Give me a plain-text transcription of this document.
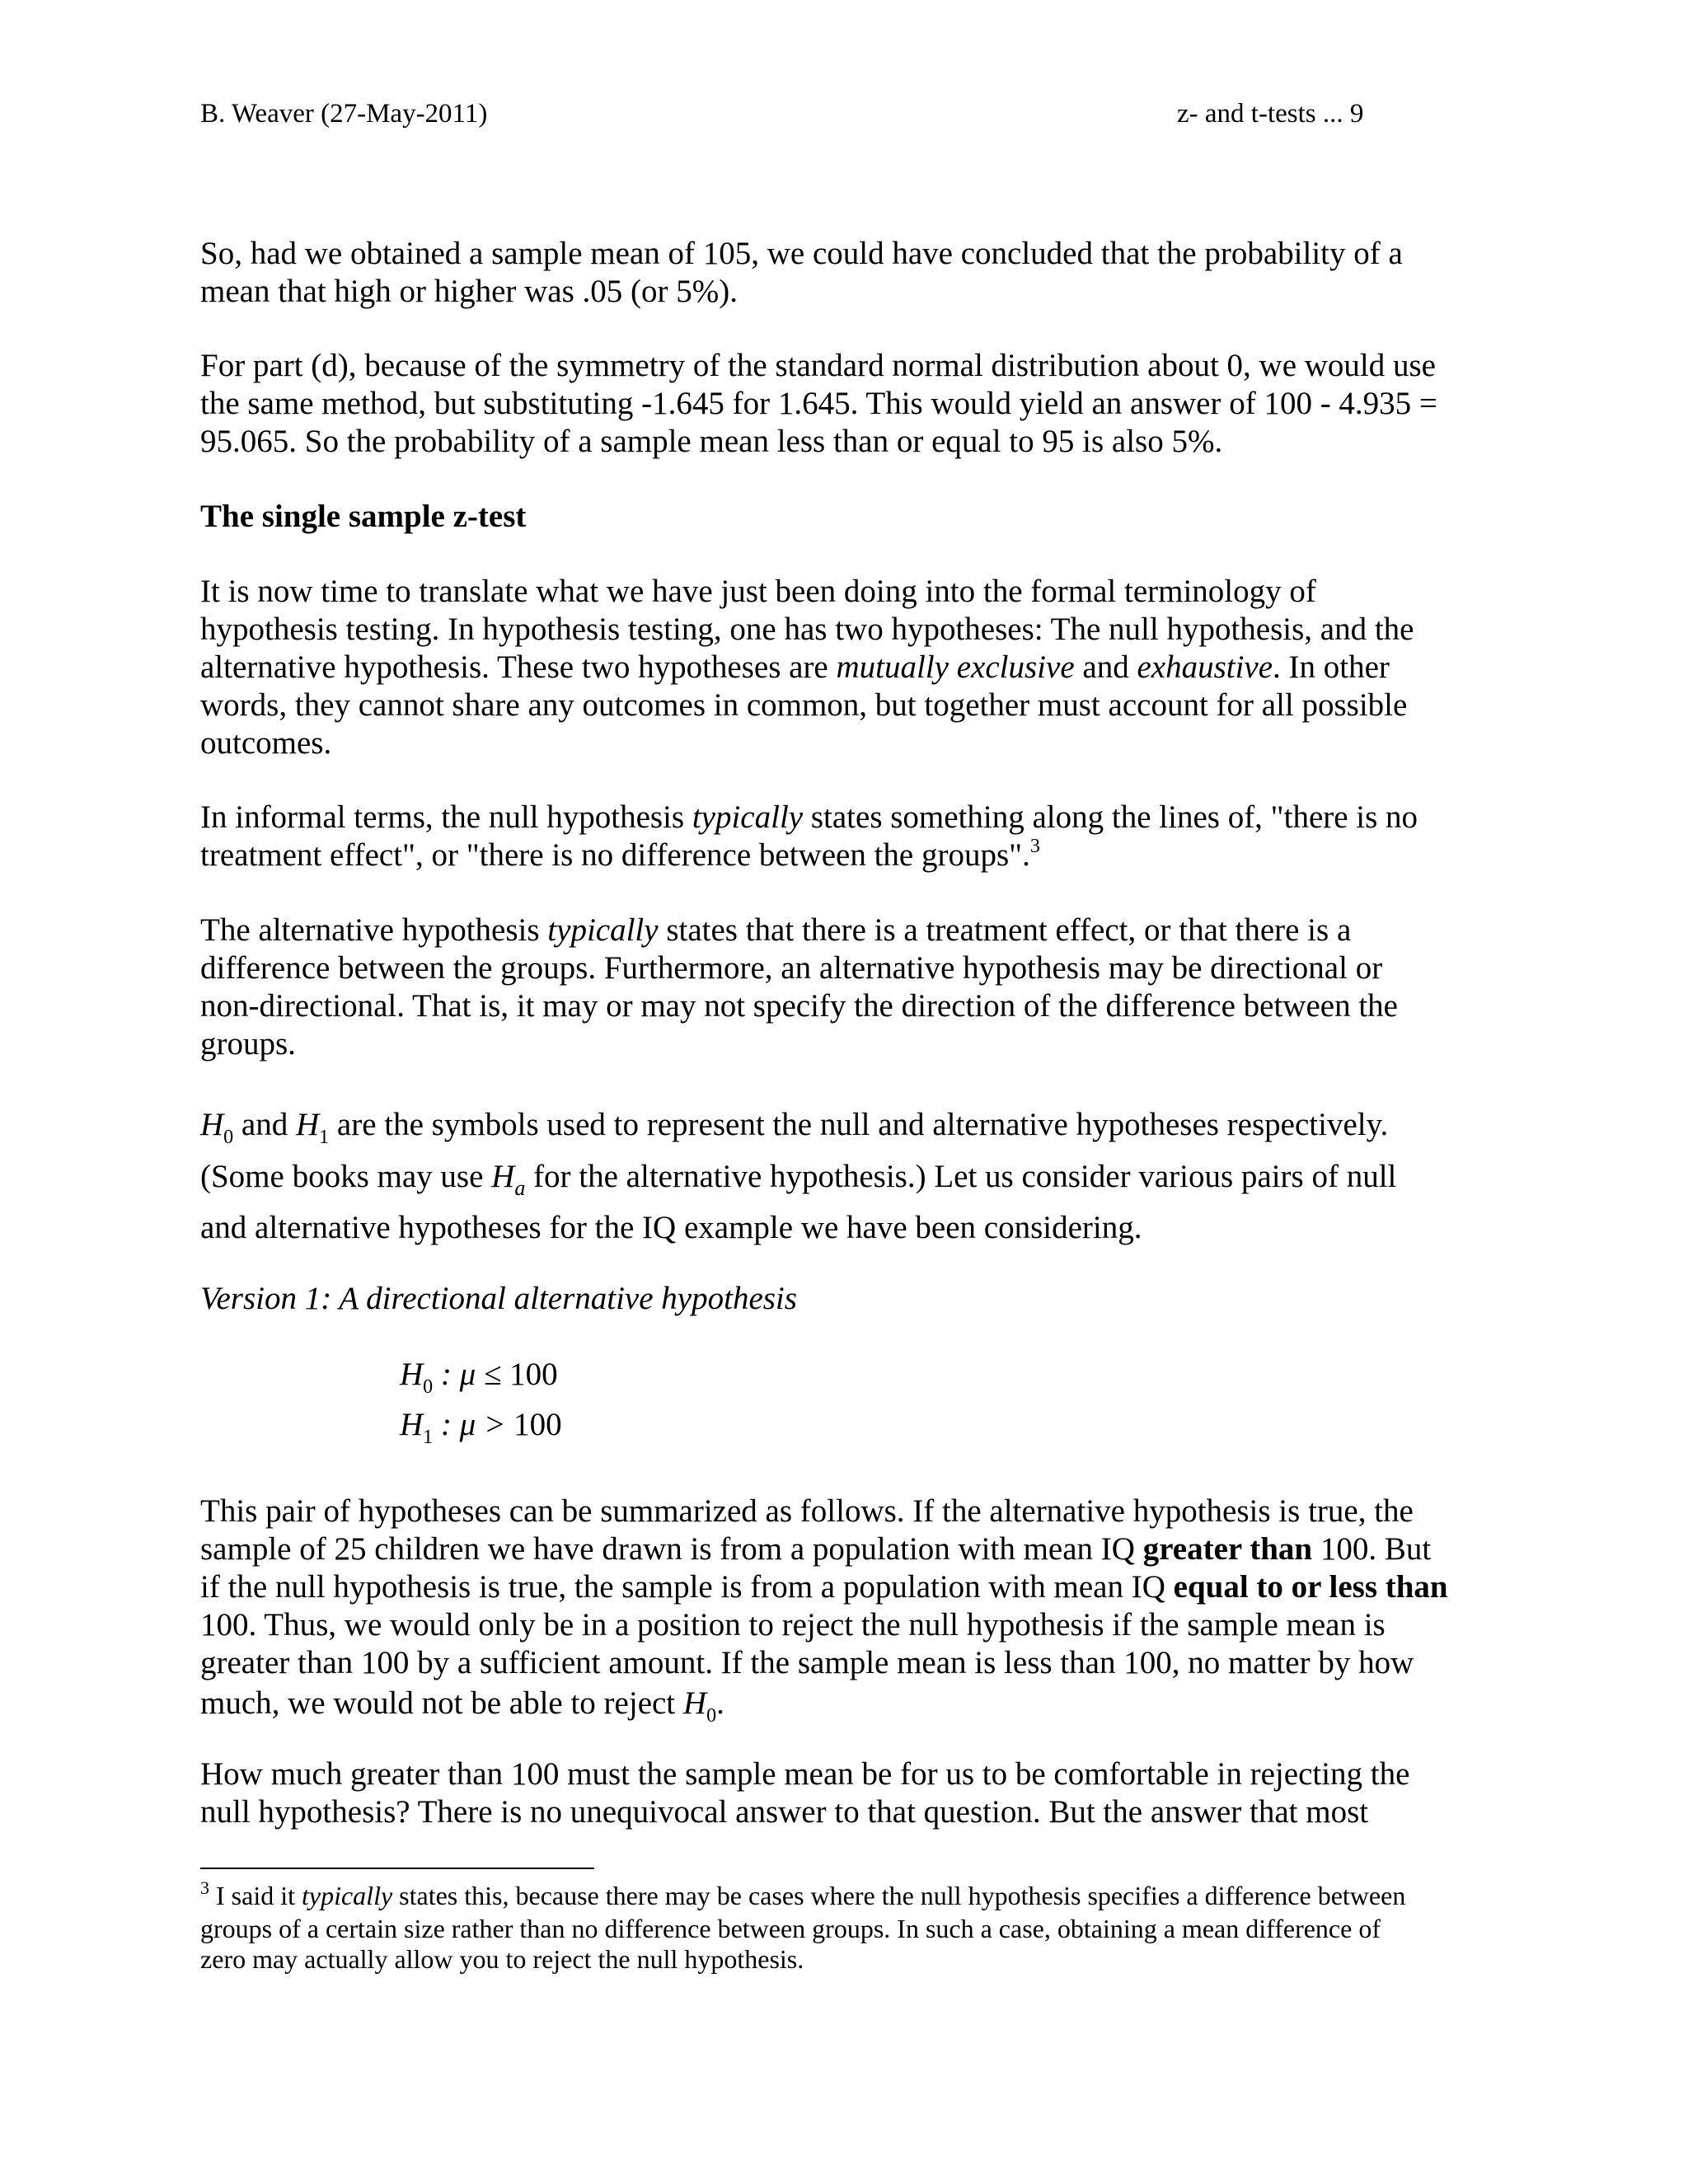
B. Weaver (27-May-2011)	z- and t-tests ... 9
So, had we obtained a sample mean of 105, we could have concluded that the probability of a
mean that high or higher was .05 (or 5%).
For part (d), because of the symmetry of the standard normal distribution about 0, we would use
the same method, but substituting -1.645 for 1.645. This would yield an answer of 100 - 4.935 =
95.065. So the probability of a sample mean less than or equal to 95 is also 5%.
The single sample z-test
It is now time to translate what we have just been doing into the formal terminology of
hypothesis testing. In hypothesis testing, one has two hypotheses: The null hypothesis, and the
alternative hypothesis. These two hypotheses are mutually exclusive and exhaustive. In other
words, they cannot share any outcomes in common, but together must account for all possible
outcomes.
In informal terms, the null hypothesis typically states something along the lines of, "there is no
treatment effect", or "there is no difference between the groups".$^3$
The alternative hypothesis typically states that there is a treatment effect, or that there is a
difference between the groups. Furthermore, an alternative hypothesis may be directional or
non-directional. That is, it may or may not specify the direction of the difference between the
groups.
$H_0$ and $H_1$ are the symbols used to represent the null and alternative hypotheses respectively.
(Some books may use $H_a$ for the alternative hypothesis.) Let us consider various pairs of null
and alternative hypotheses for the IQ example we have been considering.
Version 1: A directional alternative hypothesis
$H_0$ : μ ≤ 100
$H_1$ : μ > 100
This pair of hypotheses can be summarized as follows. If the alternative hypothesis is true, the
sample of 25 children we have drawn is from a population with mean IQ greater than 100. But
if the null hypothesis is true, the sample is from a population with mean IQ equal to or less than
100. Thus, we would only be in a position to reject the null hypothesis if the sample mean is
greater than 100 by a sufficient amount. If the sample mean is less than 100, no matter by how
much, we would not be able to reject $H_0$.
How much greater than 100 must the sample mean be for us to be comfortable in rejecting the
null hypothesis? There is no unequivocal answer to that question. But the answer that most
$^3$ I said it typically states this, because there may be cases where the null hypothesis specifies a difference between
groups of a certain size rather than no difference between groups. In such a case, obtaining a mean difference of
zero may actually allow you to reject the null hypothesis.
